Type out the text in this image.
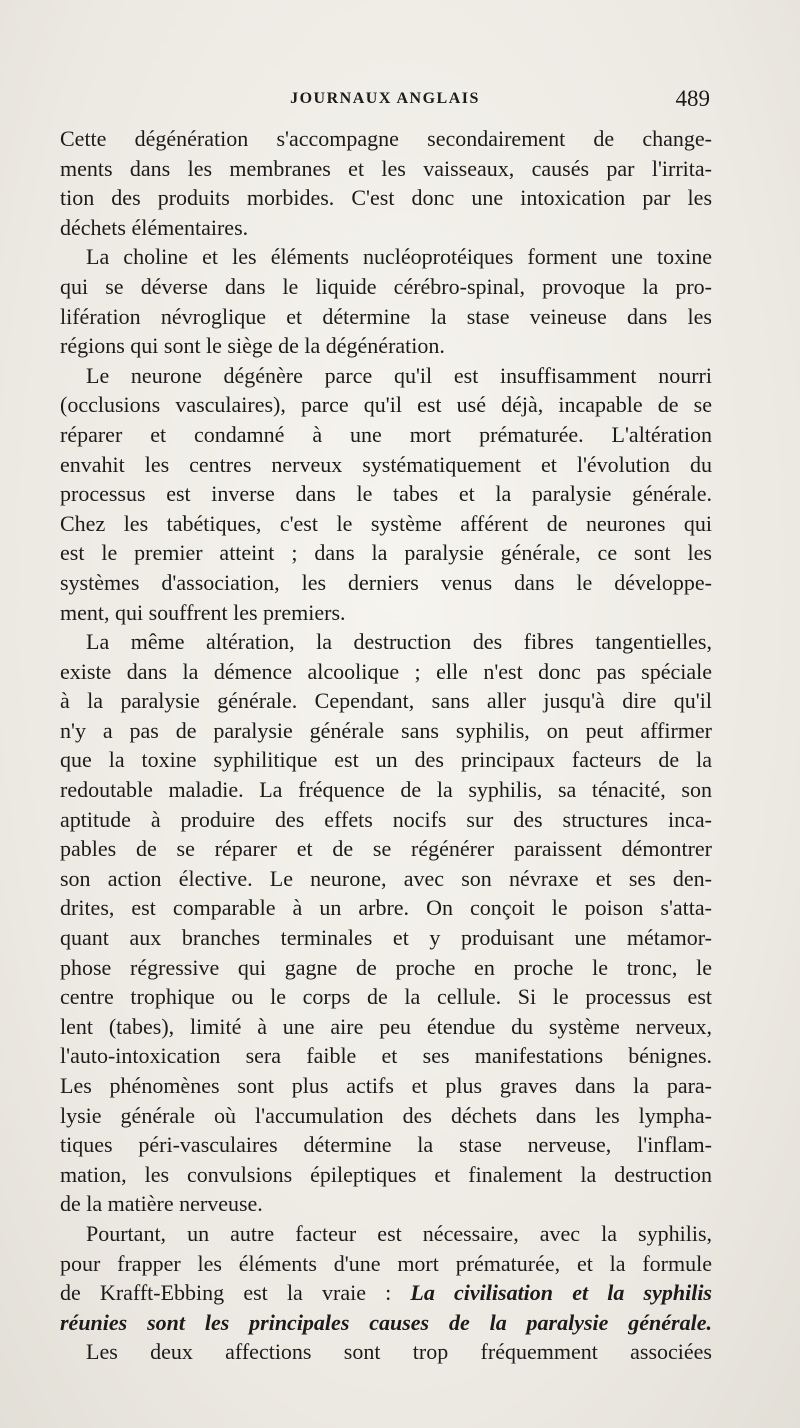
JOURNAUX ANGLAIS	489
Cette dégénération s'accompagne secondairement de change-
ments dans les membranes et les vaisseaux, causés par l'irrita-
tion des produits morbides. C'est donc une intoxication par les
déchets élémentaires.
La choline et les éléments nucléoprotéiques forment une toxine
qui se déverse dans le liquide cérébro-spinal, provoque la pro-
lifération névroglique et détermine la stase veineuse dans les
régions qui sont le siège de la dégénération.
Le neurone dégénère parce qu'il est insuffisamment nourri
(occlusions vasculaires), parce qu'il est usé déjà, incapable de se
réparer et condamné à une mort prématurée. L'altération
envahit les centres nerveux systématiquement et l'évolution du
processus est inverse dans le tabes et la paralysie générale.
Chez les tabétiques, c'est le système afférent de neurones qui
est le premier atteint ; dans la paralysie générale, ce sont les
systèmes d'association, les derniers venus dans le développe-
ment, qui souffrent les premiers.
La même altération, la destruction des fibres tangentielles,
existe dans la démence alcoolique ; elle n'est donc pas spéciale
à la paralysie générale. Cependant, sans aller jusqu'à dire qu'il
n'y a pas de paralysie générale sans syphilis, on peut affirmer
que la toxine syphilitique est un des principaux facteurs de la
redoutable maladie. La fréquence de la syphilis, sa ténacité, son
aptitude à produire des effets nocifs sur des structures inca-
pables de se réparer et de se régénérer paraissent démontrer
son action élective. Le neurone, avec son névraxe et ses den-
drites, est comparable à un arbre. On conçoit le poison s'atta-
quant aux branches terminales et y produisant une métamor-
phose régressive qui gagne de proche en proche le tronc, le
centre trophique ou le corps de la cellule. Si le processus est
lent (tabes), limité à une aire peu étendue du système nerveux,
l'auto-intoxication sera faible et ses manifestations bénignes.
Les phénomènes sont plus actifs et plus graves dans la para-
lysie générale où l'accumulation des déchets dans les lympha-
tiques péri-vasculaires détermine la stase nerveuse, l'inflam-
mation, les convulsions épileptiques et finalement la destruction
de la matière nerveuse.
Pourtant, un autre facteur est nécessaire, avec la syphilis,
pour frapper les éléments d'une mort prématurée, et la formule
de Krafft-Ebbing est la vraie : La civilisation et la syphilis
réunies sont les principales causes de la paralysie générale.
Les deux affections sont trop fréquemment associées
